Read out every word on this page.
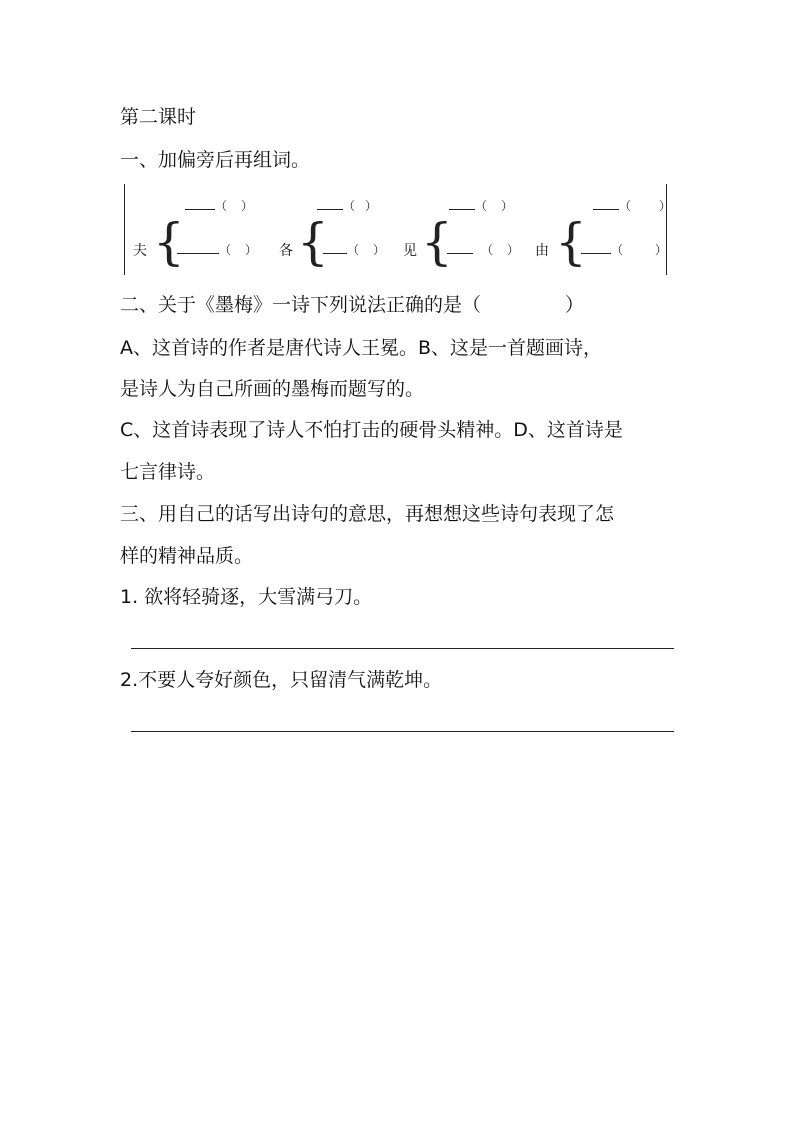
第二课时
一、加偏旁后再组词。
夫 {
（ ）
（ ） 各 {
（ ）
（ ） 见 {
（ ）
（ ） 由 {
（ ）
（	）
二、关于《墨梅》一诗下列说法正确的是（	）
A、这首诗的作者是唐代诗人王冕。B、这是一首题画诗，
是诗人为自己所画的墨梅而题写的。
C、这首诗表现了诗人不怕打击的硬骨头精神。D、这首诗是
七言律诗。
三、用自己的话写出诗句的意思，再想想这些诗句表现了怎
样的精神品质。
1. 欲将轻骑逐，大雪满弓刀。
2.不要人夸好颜色，只留清气满乾坤。
